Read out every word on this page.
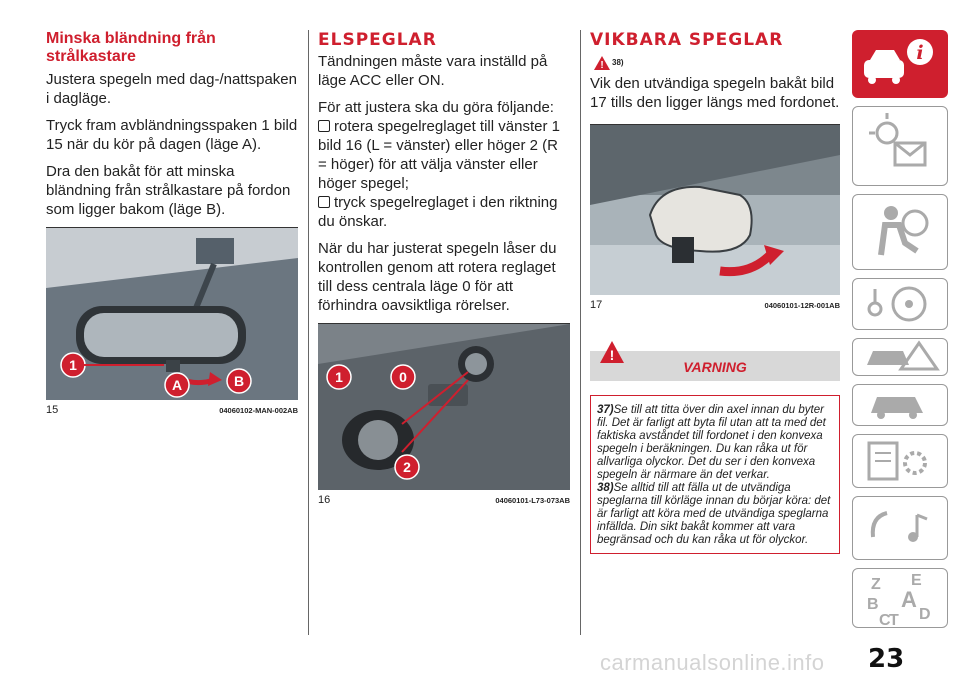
Minska bländning från strålkastare

Justera spegeln med dag-/nattspaken i dagläge.

Tryck fram avbländningsspaken 1 bild 15 när du kör på dagen (läge A).

Dra den bakåt för att minska bländning från strålkastare på fordon som ligger bakom (läge B).

1
A	B
15	04060102-MAN-002AB
ELSPEGLAR

Tändningen måste vara inställd på läge ACC eller ON.

För att justera ska du göra följande:

rotera spegelreglaget till vänster 1 bild 16 (L = vänster) eller höger 2 (R = höger) för att välja vänster eller höger spegel;

tryck spegelreglaget i den riktning du önskar.

När du har justerat spegeln låser du kontrollen genom att rotera reglaget till dess centrala läge 0 för att förhindra oavsiktliga rörelser.

1	0
2
16	04060101-L73-073AB
VIKBARA SPEGLAR
! 38)

Vik den utvändiga spegeln bakåt bild 17 tills den ligger längs med fordonet.

17	04060101-12R-001AB
!
VARNING
37)Se till att titta över din axel innan du byter fil. Det är farligt att byta fil utan att ta med det faktiska avståndet till fordonet i den konvexa spegeln i beräkningen. Du kan råka ut för allvarliga olyckor. Det du ser i den konvexa spegeln är närmare än det verkar.
38)Se alltid till att fälla ut de utvändiga speglarna till körläge innan du börjar köra: det är farligt att köra med de utvändiga speglarna infällda. Din sikt bakåt kommer att vara begränsad och du kan råka ut för olyckor.
i
Z E
B A
C
T D
23
carmanualsonline.info
